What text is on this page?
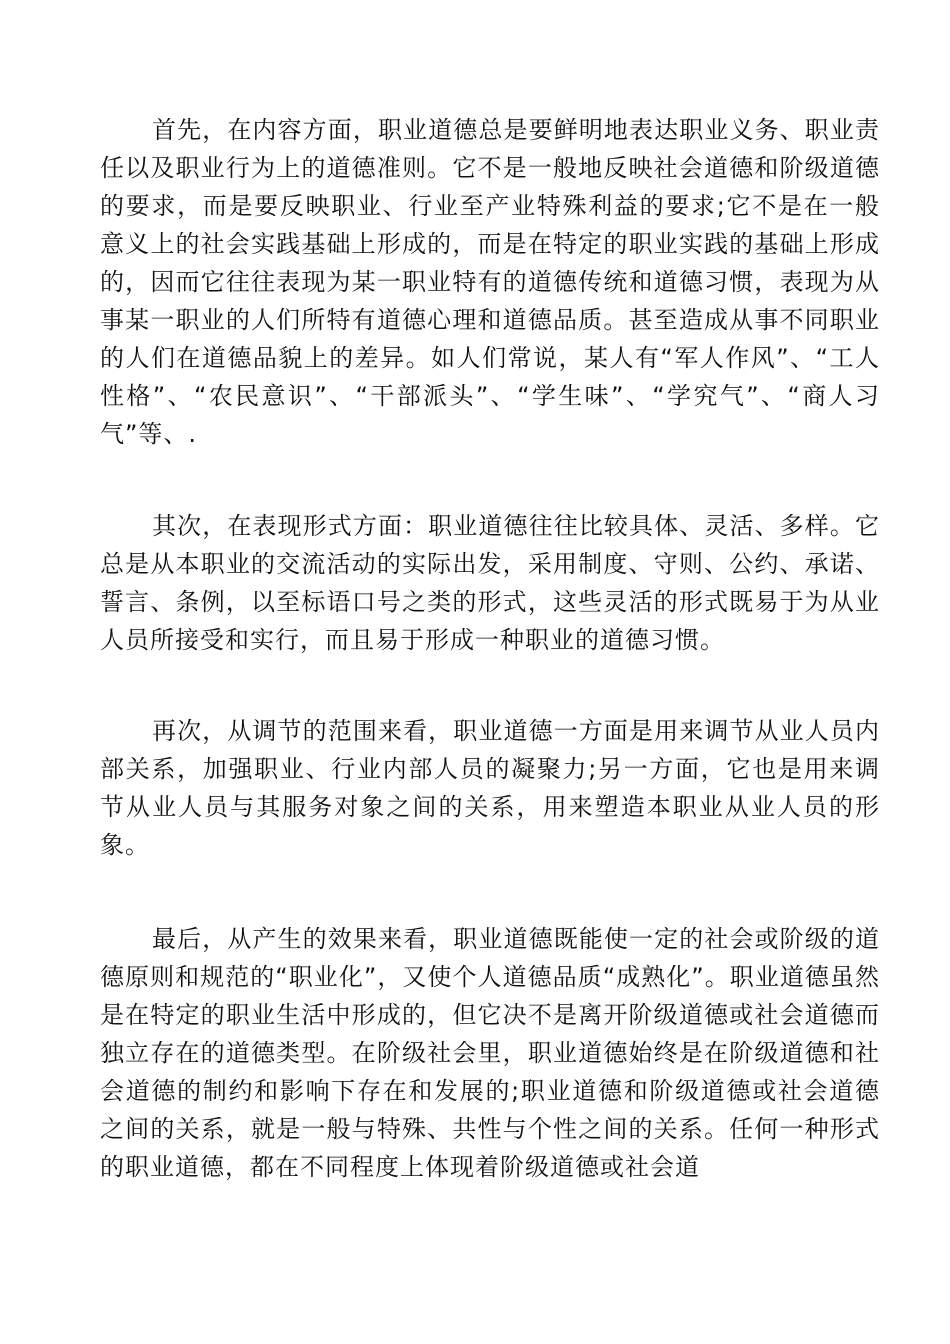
首先，在内容方面，职业道德总是要鲜明地表达职业义务、职业责任以及职业行为上的道德准则。它不是一般地反映社会道德和阶级道德的要求，而是要反映职业、行业至产业特殊利益的要求;它不是在一般意义上的社会实践基础上形成的，而是在特定的职业实践的基础上形成的，因而它往往表现为某一职业特有的道德传统和道德习惯，表现为从事某一职业的人们所特有道德心理和道德品质。甚至造成从事不同职业的人们在道德品貌上的差异。如人们常说，某人有“军人作风”、“工人性格”、“农民意识”、“干部派头”、“学生味”、“学究气”、“商人习气”等、.

其次，在表现形式方面：职业道德往往比较具体、灵活、多样。它总是从本职业的交流活动的实际出发，采用制度、守则、公约、承诺、誓言、条例，以至标语口号之类的形式，这些灵活的形式既易于为从业人员所接受和实行，而且易于形成一种职业的道德习惯。

再次，从调节的范围来看，职业道德一方面是用来调节从业人员内部关系，加强职业、行业内部人员的凝聚力;另一方面，它也是用来调节从业人员与其服务对象之间的关系，用来塑造本职业从业人员的形象。

最后，从产生的效果来看，职业道德既能使一定的社会或阶级的道德原则和规范的“职业化”，又使个人道德品质“成熟化”。职业道德虽然是在特定的职业生活中形成的，但它决不是离开阶级道德或社会道德而独立存在的道德类型。在阶级社会里，职业道德始终是在阶级道德和社会道德的制约和影响下存在和发展的;职业道德和阶级道德或社会道德之间的关系，就是一般与特殊、共性与个性之间的关系。任何一种形式的职业道德，都在不同程度上体现着阶级道德或社会道
